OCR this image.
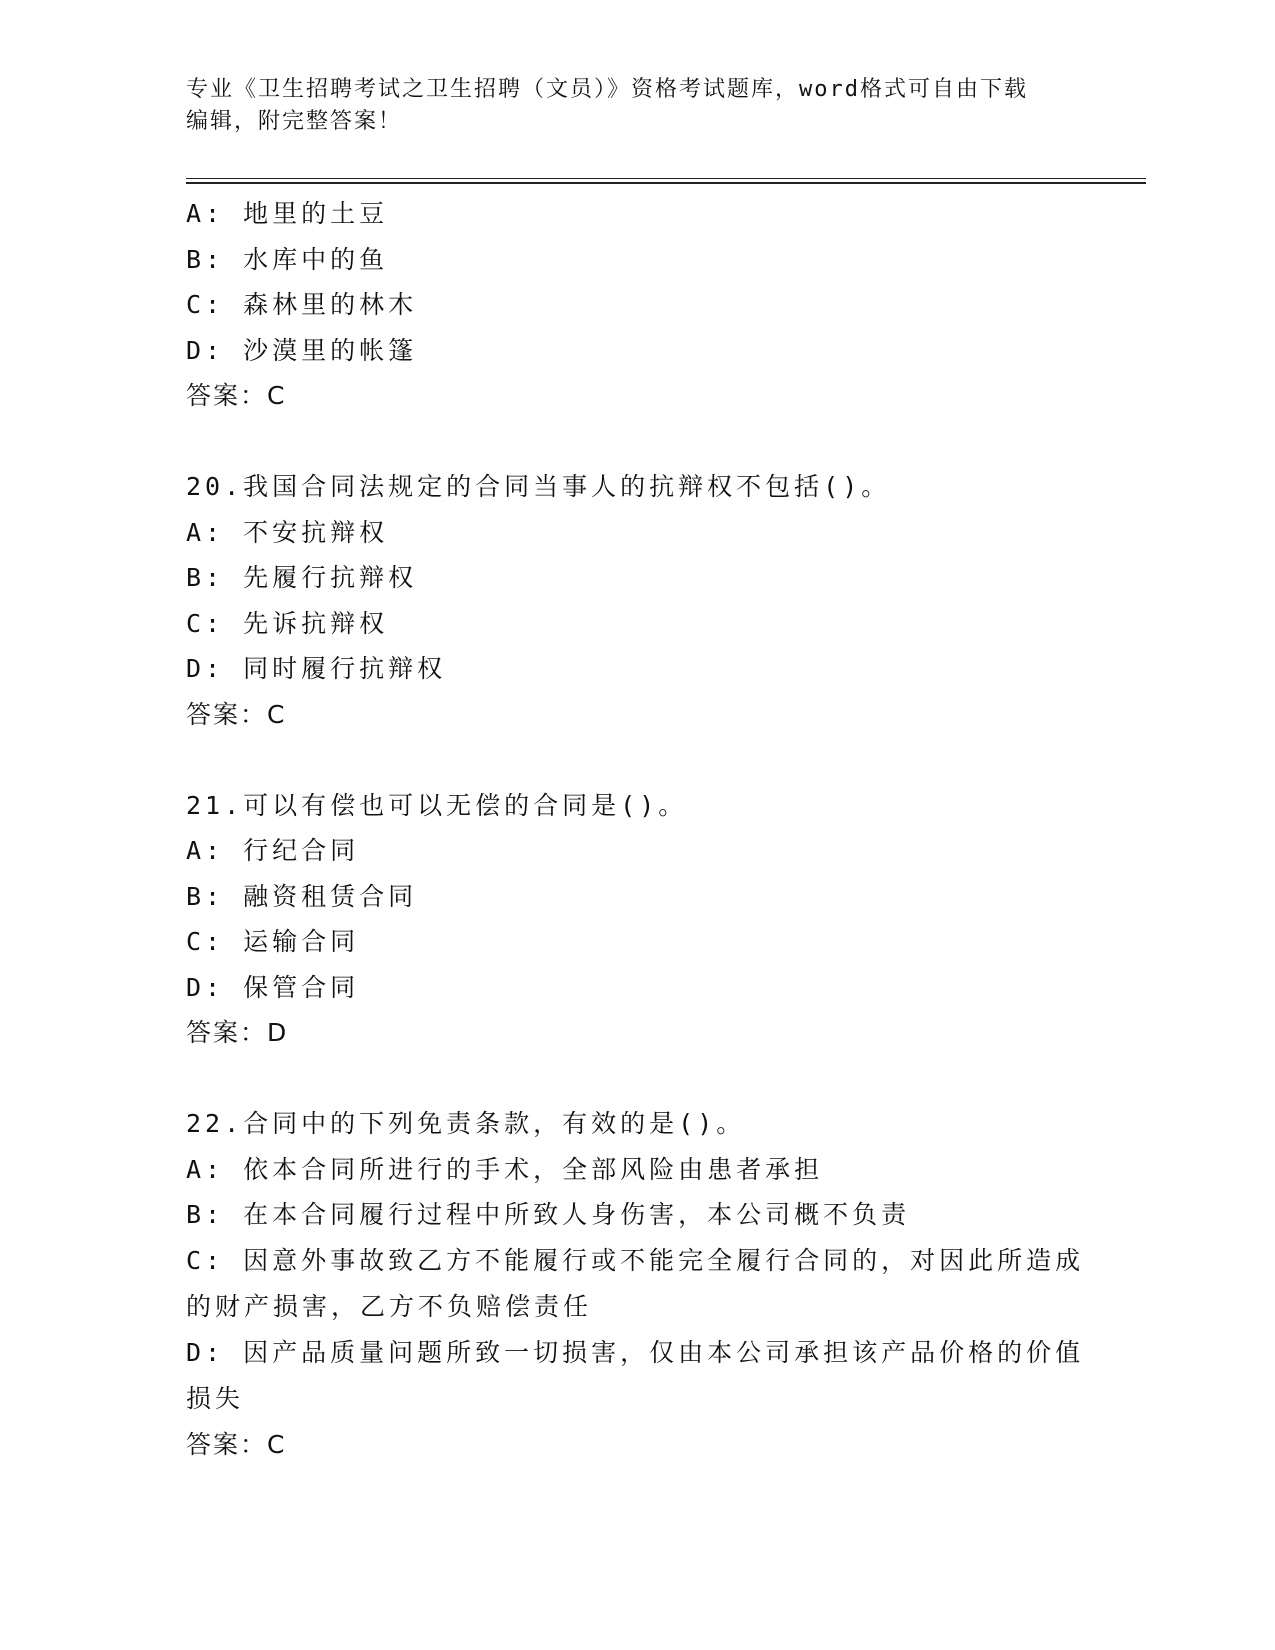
专业《卫生招聘考试之卫生招聘（文员）》资格考试题库，word格式可自由下载
编辑，附完整答案！
A: 地里的土豆
B: 水库中的鱼
C: 森林里的林木
D: 沙漠里的帐篷
答案：C
20.我国合同法规定的合同当事人的抗辩权不包括()。
A: 不安抗辩权
B: 先履行抗辩权
C: 先诉抗辩权
D: 同时履行抗辩权
答案：C
21.可以有偿也可以无偿的合同是()。
A: 行纪合同
B: 融资租赁合同
C: 运输合同
D: 保管合同
答案：D
22.合同中的下列免责条款，有效的是()。
A: 依本合同所进行的手术，全部风险由患者承担
B: 在本合同履行过程中所致人身伤害，本公司概不负责
C: 因意外事故致乙方不能履行或不能完全履行合同的，对因此所造成的财产损害，乙方不负赔偿责任
D: 因产品质量问题所致一切损害，仅由本公司承担该产品价格的价值损失
答案：C
